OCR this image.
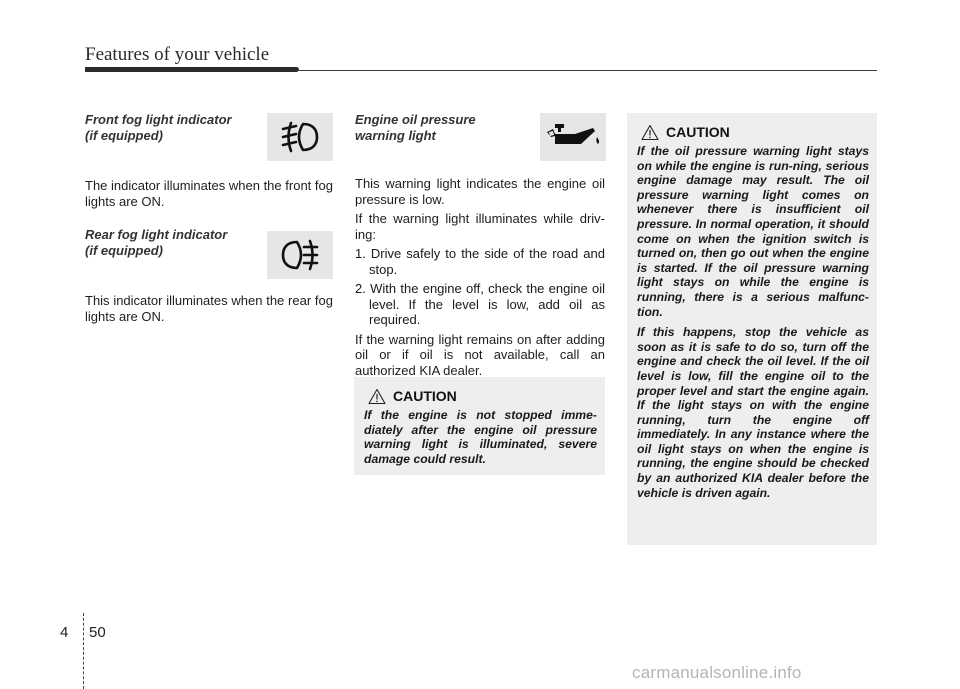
Features of your vehicle
Front fog light indicator
(if equipped)

The indicator illuminates when the front fog lights are ON.

Rear fog light indicator
(if equipped)

This indicator illuminates when the rear fog lights are ON.

Engine oil pressure
warning light

This warning light indicates the engine oil pressure is low.

If the warning light illuminates while driv-ing:

1. Drive safely to the side of the road and stop.
2. With the engine off, check the engine oil level. If the level is low, add oil as required.

If the warning light remains on after adding oil or if oil is not available, call an authorized KIA dealer.

CAUTION

If the engine is not stopped imme-diately after the engine oil pressure warning light is illuminated, severe damage could result.

CAUTION

If the oil pressure warning light stays on while the engine is run-ning, serious engine damage may result. The oil pressure warning light comes on whenever there is insufficient oil pressure. In normal operation, it should come on when the ignition switch is turned on, then go out when the engine is started. If the oil pressure warning light stays on while the engine is running, there is a serious malfunc-tion.

If this happens, stop the vehicle as soon as it is safe to do so, turn off the engine and check the oil level. If the oil level is low, fill the engine oil to the proper level and start the engine again. If the light stays on with the engine running, turn the engine off immediately. In any instance where the oil light stays on when the engine is running, the engine should be checked by an authorized KIA dealer before the vehicle is driven again.

4 50
carmanualsonline.info
